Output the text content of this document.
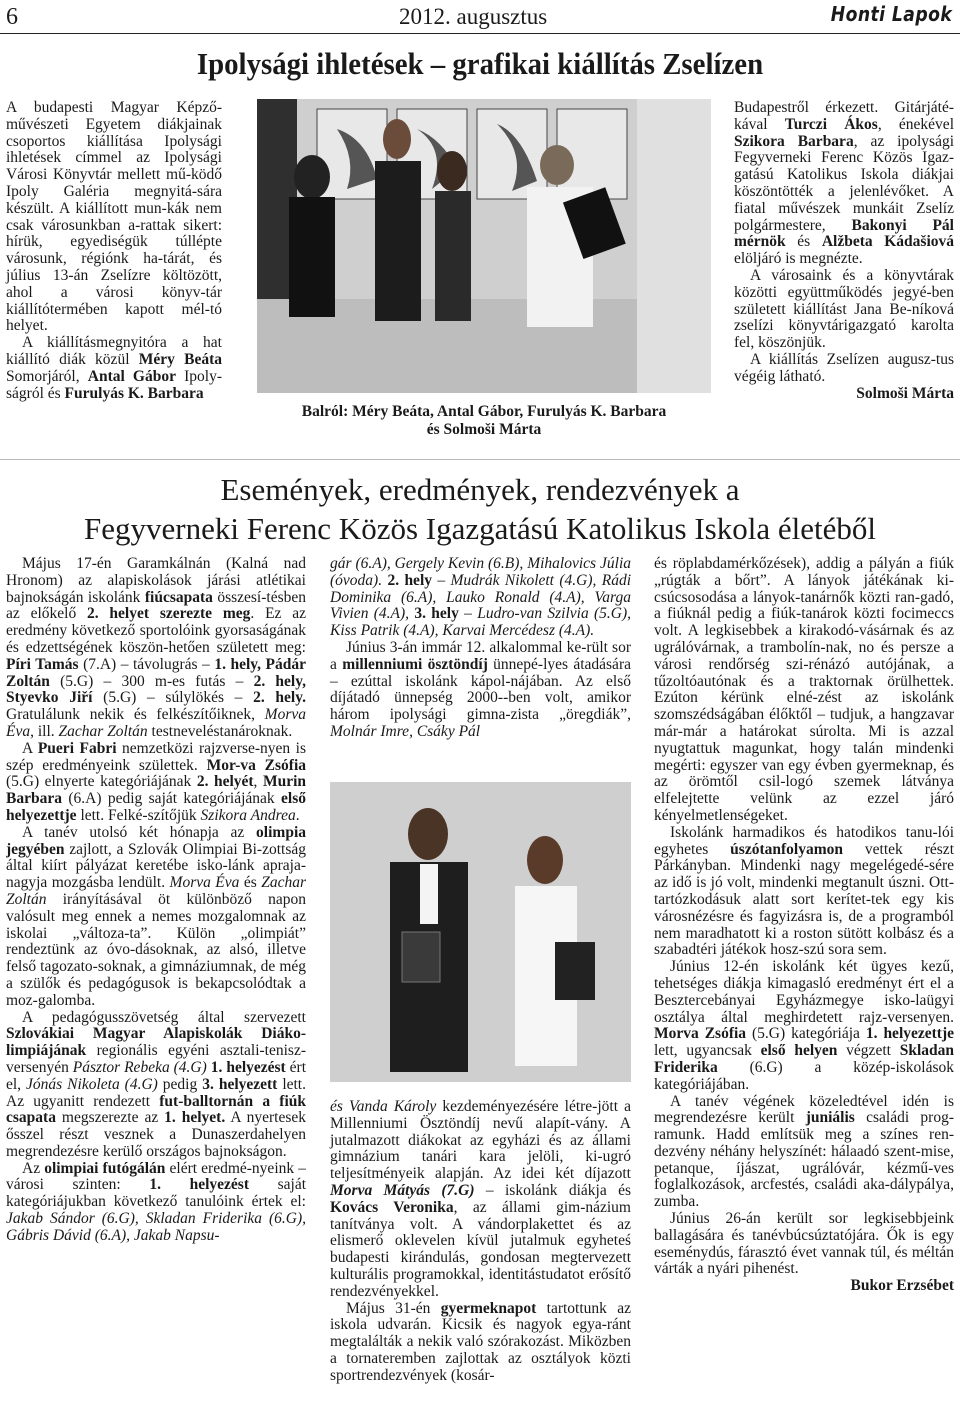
6	2012. augusztus	Honti Lapok
Ipolysági ihletések – grafikai kiállítás Zselízen

A budapesti Magyar Képző-művészeti Egyetem diákjainak csoportos kiállítása Ipolysági ihletések címmel az Ipolysági Városi Könyvtár mellett mű-ködő Ipoly Galéria megnyitá-sára készült. A kiállított mun-kák nem csak városunkban a-rattak sikert: hírük, egyediségük túllépte városunk, régiónk ha-tárát, és július 13-án Zselízre költözött, ahol a városi könyv-tár kiállítótermében kapott mél-tó helyet.

A kiállításmegnyitóra a hat kiállító diák közül Méry Beáta Somorjáról, Antal Gábor Ipoly-ságról és Furulyás K. Barbara

Balról: Méry Beáta, Antal Gábor, Furulyás K. Barbara
és Solmoši Márta

Budapestről érkezett. Gitárjáté-kával Turczi Ákos, énekével Szikora Barbara, az ipolysági Fegyverneki Ferenc Közös Igaz-gatású Katolikus Iskola diákjai köszöntötték a jelenlévőket. A fiatal művészek munkáit Zselíz polgármestere, Bakonyi Pál mérnök és Alžbeta Kádašiová elöljáró is megnézte.

A városaink és a könyvtárak közötti együttműködés jegyé-ben született kiállítást Jana Be-níková zselízi könyvtárigazgató karolta fel, köszönjük.

A kiállítás Zselízen augusz-tus végéig látható.

Solmoši Márta
Események, eredmények, rendezvények a
Fegyverneki Ferenc Közös Igazgatású Katolikus Iskola életéből

Május 17-én Garamkálnán (Kalná nad Hronom) az alapiskolások járási atlétikai bajnokságán iskolánk fiúcsapata összesí-tésben az előkelő 2. helyet szerezte meg. Ez az eredmény következő sportolóink gyorsaságának és edzettségének köszön-hetően született meg: Píri Tamás (7.A) – távolugrás – 1. hely, Pádár Zoltán (5.G) – 300 m-es futás – 2. hely, Styevko Jiří (5.G) – súlylökés – 2. hely. Gratulálunk nekik és felkészítőiknek, Morva Éva, ill. Zachar Zoltán testneveléstanároknak.

A Pueri Fabri nemzetközi rajzverse-nyen is szép eredményeink születtek. Mor-va Zsófia (5.G) elnyerte kategóriájának 2. helyét, Murin Barbara (6.A) pedig saját kategóriájának első helyezettje lett. Felké-szítőjük Szikora Andrea.

A tanév utolsó két hónapja az olimpia jegyében zajlott, a Szlovák Olimpiai Bi-zottság által kiírt pályázat keretébe isko-lánk apraja-nagyja mozgásba lendült. Morva Éva és Zachar Zoltán irányításával öt különböző napon valósult meg ennek a nemes mozgalomnak az iskolai „változa-ta”. Külön „olimpiát” rendeztünk az óvo-dásoknak, az alsó, illetve felső tagozato-soknak, a gimnáziumnak, de még a szülők és pedagógusok is bekapcsolódtak a moz-galomba.

A pedagógusszövetség által szervezett Szlovákiai Magyar Alapiskolák Diáko-limpiájának regionális egyéni asztali-tenisz-versenyén Pásztor Rebeka (4.G) 1. helyezést ért el, Jónás Nikoleta (4.G) pedig 3. helyezett lett. Az ugyanitt rendezett fut-balltornán a fiúk csapata megszerezte az 1. helyet. A nyertesek ősszel részt vesznek a Dunaszerdahelyen megrendezésre kerülő országos bajnokságon.

Az olimpiai futógálán elért eredmé-nyeink – városi szinten: 1. helyezést saját kategóriájukban következő tanulóink értek el: Jakab Sándor (6.G), Skladan Friderika (6.G), Gábris Dávid (6.A), Jakab Napsu-

gár (6.A), Gergely Kevin (6.B), Mihalovics Júlia (óvoda). 2. hely – Mudrák Nikolett (4.G), Rádi Dominika (6.A), Lauko Ronald (4.A), Varga Vivien (4.A), 3. hely – Ludro-van Szilvia (5.G), Kiss Patrik (4.A), Karvai Mercédesz (4.A).

Június 3-án immár 12. alkalommal ke-rült sor a millenniumi ösztöndíj ünnepé-lyes átadására – ezúttal iskolánk kápol-nájában. Az első díjátadó ünnepség 2000--ben volt, amikor három ipolysági gimna-zista „öregdiák”, Molnár Imre, Csáky Pál

és Vanda Károly kezdeményezésére létre-jött a Millenniumi Ösztöndíj nevű alapít-vány. A jutalmazott diákokat az egyházi és az állami gimnázium tanári kara jelöli, ki-ugró teljesítményeik alapján. Az idei két díjazott Morva Mátyás (7.G) – iskolánk diákja és Kovács Veronika, az állami gim-názium tanítványa volt. A vándorplakettet és az elismerő oklevelen kívül jutalmuk egyheteś budapesti kirándulás, gondosan megtervezett kulturális programokkal, identitástudatot erősítő rendezvényekkel.

Május 31-én gyermeknapot tartottunk az iskola udvarán. Kicsik és nagyok egya-ránt megtalálták a nekik való szórakozást. Miközben a tornateremben zajlottak az osztályok közti sportrendezvények (kosár-

és röplabdamérkőzések), addig a pályán a fiúk „rúgták a bőrt”. A lányok játékának ki-csúcsosodása a lányok-tanárnők közti ran-gadó, a fiúknál pedig a fiúk-tanárok közti focimeccs volt. A legkisebbek a kirakodó-vásárnak és az ugrálóvárnak, a trambolín-nak, no és persze a városi rendőrség szi-rénázó autójának, a tűzoltóautónak és a traktornak örülhettek. Ezúton kérünk elné-zést az iskolánk szomszédságában élőktől – tudjuk, a hangzavar már-már a határokat súrolta. Mi is azzal nyugtattuk magunkat, hogy talán mindenki megérti: egyszer van egy évben gyermeknap, és az örömtől csil-logó szemek látványa elfelejtette velünk az ezzel járó kényelmetlenségeket.

Iskolánk harmadikos és hatodikos tanu-lói egyhetes úszótanfolyamon vettek részt Párkányban. Mindenki nagy megelégedé-sére az idő is jó volt, mindenki megtanult úszni. Ott-tartózkodásuk alatt sort kerítet-tek egy kis városnézésre és fagyizásra is, de a programból nem maradhatott ki a roston sütött kolbász és a szabadtéri játékok hosz-szú sora sem.

Június 12-én iskolánk két ügyes kezű, tehetséges diákja kimagasló eredményt ért el a Besztercebányai Egyházmegye isko-laügyi osztálya által meghirdetett rajz-versenyen. Morva Zsófia (5.G) kategóriája 1. helyezettje lett, ugyancsak első helyen végzett Skladan Friderika (6.G) a közép-iskolások kategóriájában.

A tanév végének közeledtével idén is megrendezésre került juniális családi prog-ramunk. Hadd említsük meg a színes ren-dezvény néhány helyszínét: hálaadó szent-mise, petanque, íjászat, ugrálóvár, kézmű-ves foglalkozások, arcfestés, családi aka-dálypálya, zumba.

Június 26-án került sor legkisebbjeink ballagására és tanévbúcsúztatójára. Ők is egy eseménydús, fárasztó évet vannak túl, és méltán várták a nyári pihenést.

Bukor Erzsébet
